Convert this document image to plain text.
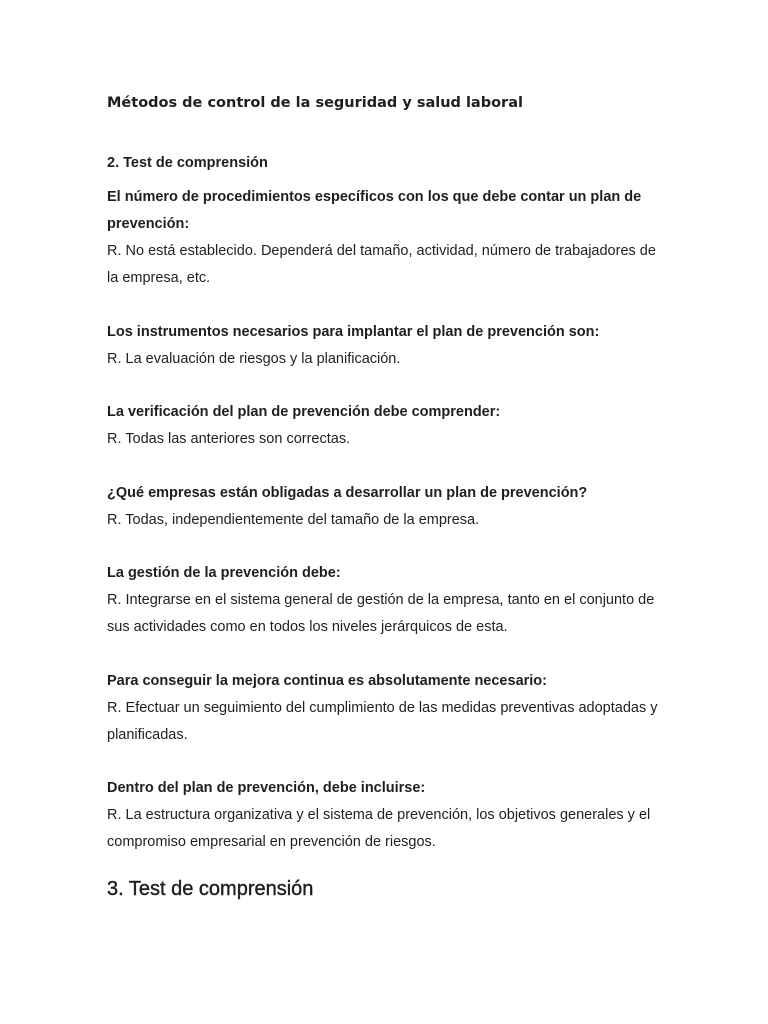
Métodos de control de la seguridad y salud laboral
2. Test de comprensión
El número de procedimientos específicos con los que debe contar un plan de prevención:
R. No está establecido. Dependerá del tamaño, actividad, número de trabajadores de la empresa, etc.
Los instrumentos necesarios para implantar el plan de prevención son:
R. La evaluación de riesgos y la planificación.
La verificación del plan de prevención debe comprender:
R. Todas las anteriores son correctas.
¿Qué empresas están obligadas a desarrollar un plan de prevención?
R. Todas, independientemente del tamaño de la empresa.
La gestión de la prevención debe:
R. Integrarse en el sistema general de gestión de la empresa, tanto en el conjunto de sus actividades como en todos los niveles jerárquicos de esta.
Para conseguir la mejora continua es absolutamente necesario:
R. Efectuar un seguimiento del cumplimiento de las medidas preventivas adoptadas y planificadas.
Dentro del plan de prevención, debe incluirse:
R. La estructura organizativa y el sistema de prevención, los objetivos generales y el compromiso empresarial en prevención de riesgos.
3. Test de comprensión
